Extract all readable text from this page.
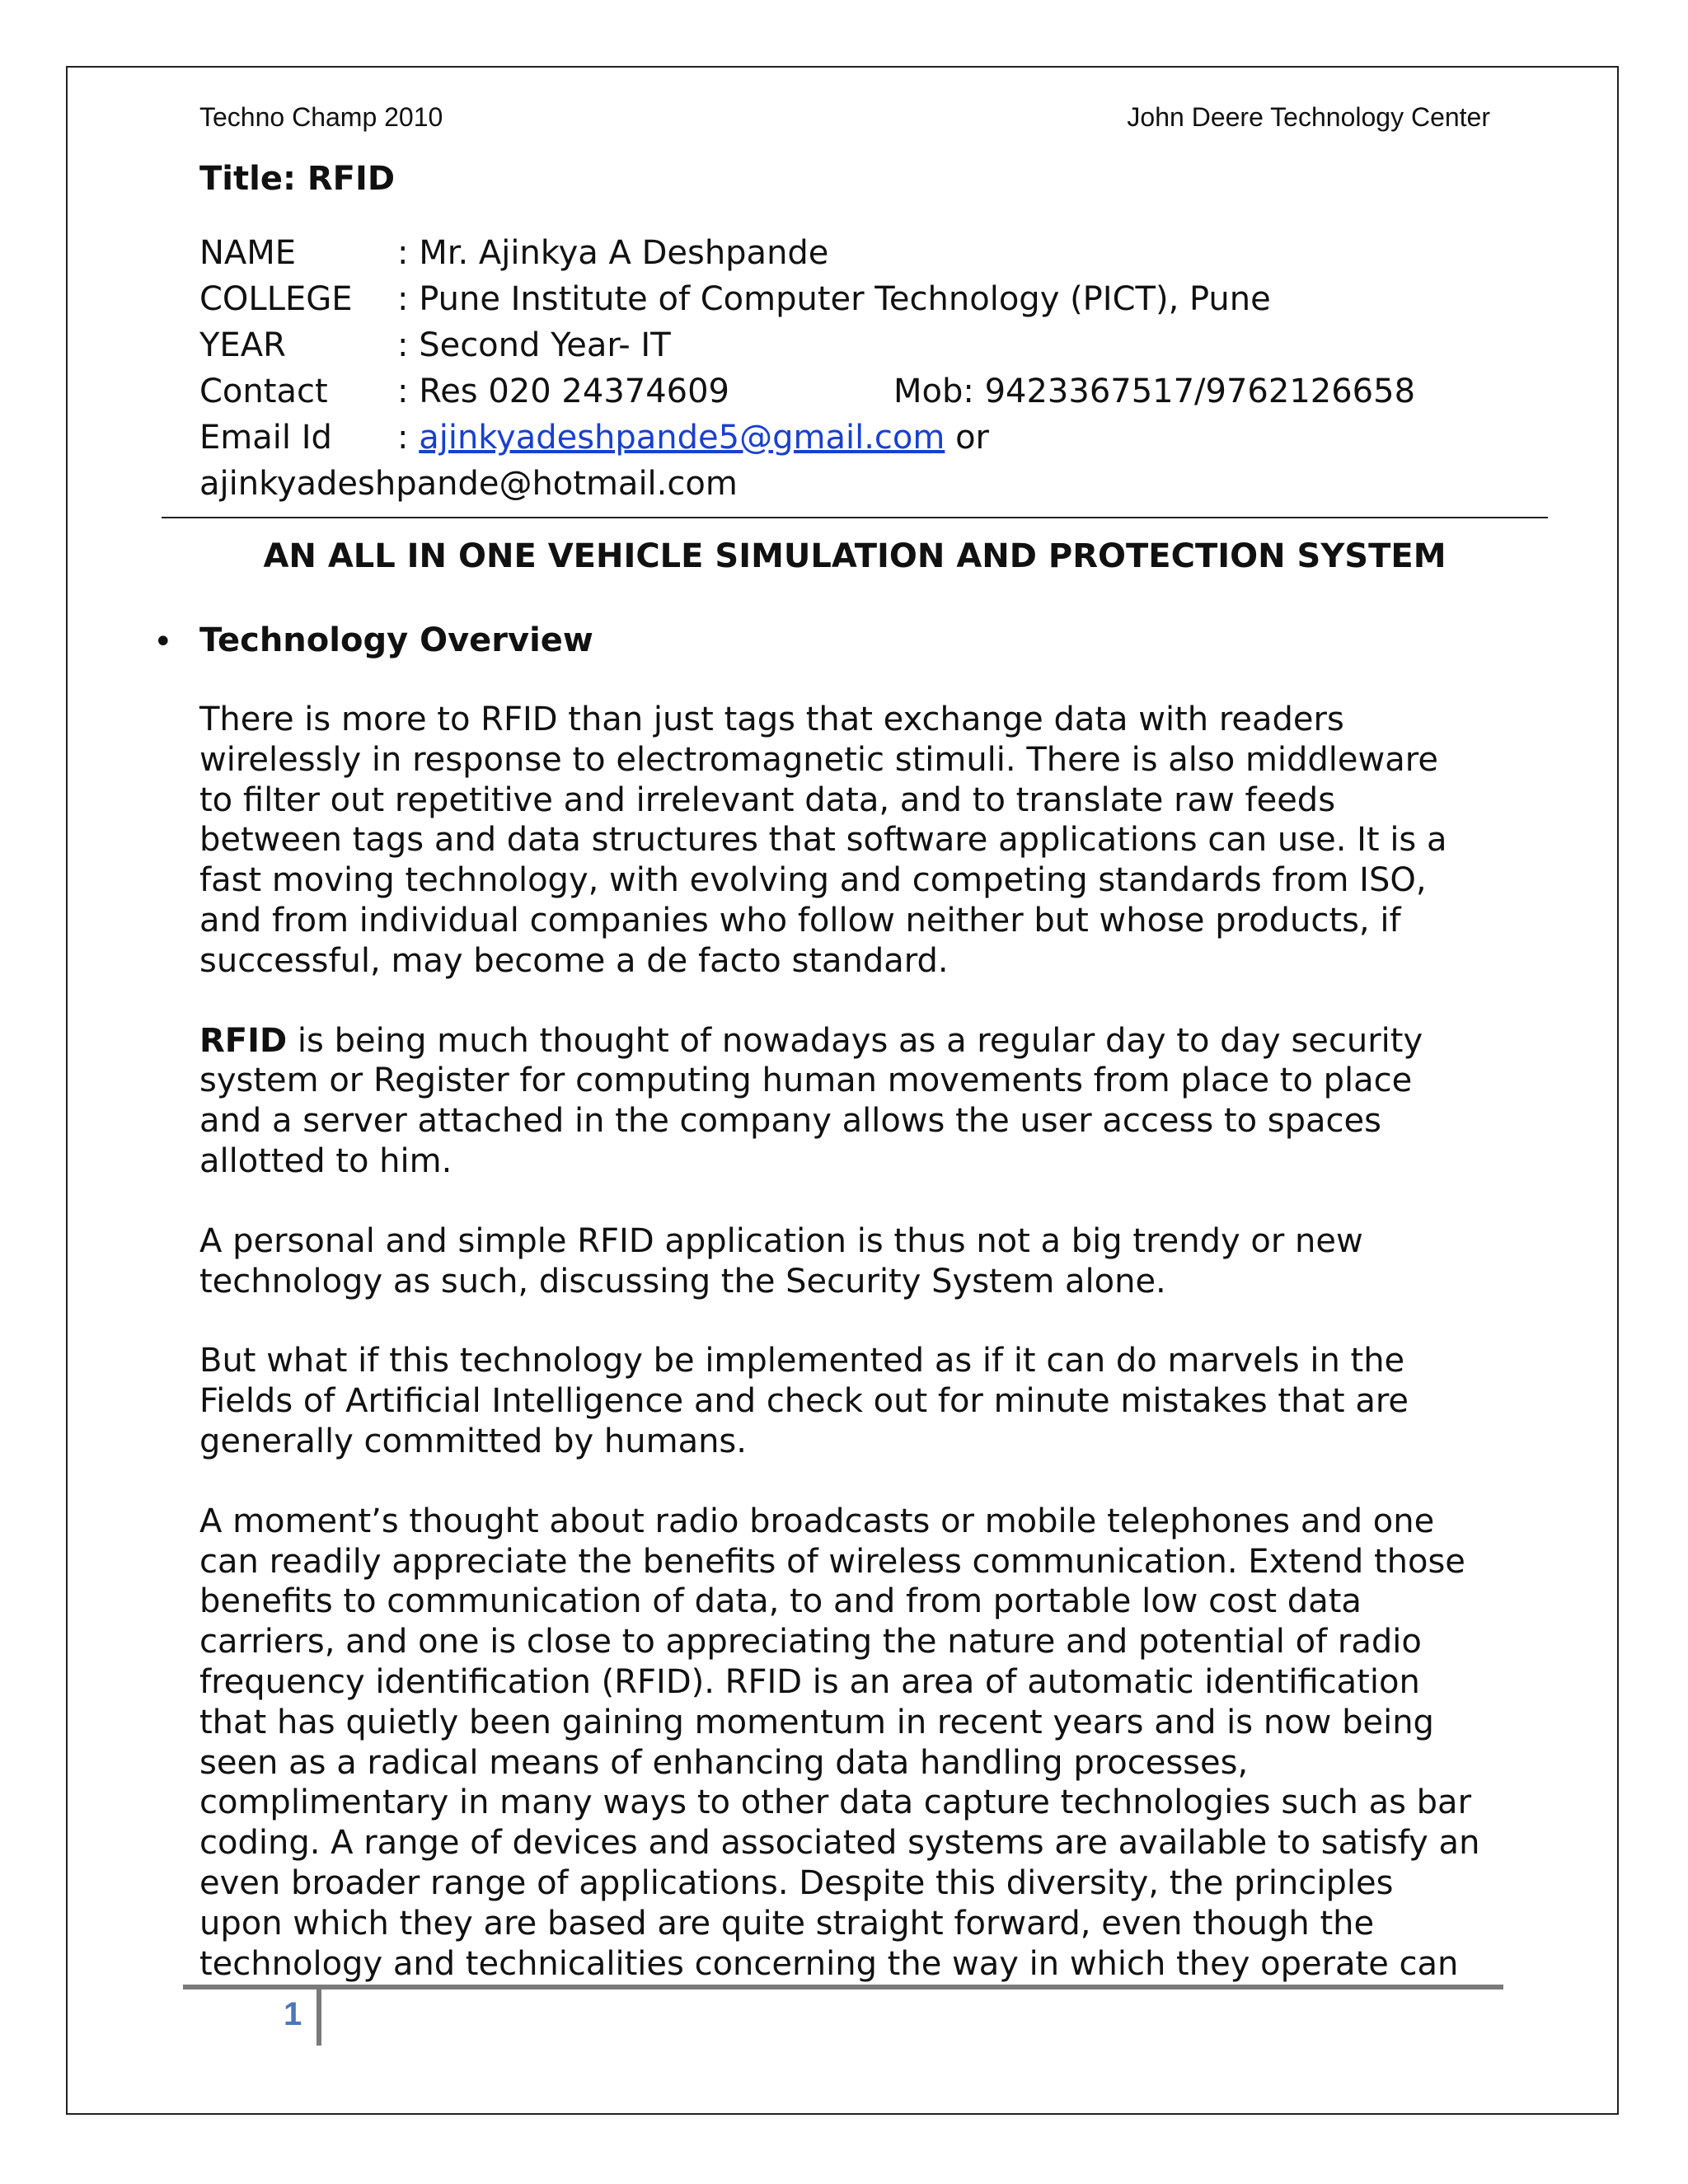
Techno Champ 2010	John Deere Technology Center
Title: RFID
NAME	: Mr. Ajinkya A Deshpande
COLLEGE : Pune Institute of Computer Technology (PICT), Pune
YEAR	: Second Year- IT
Contact : Res 020 24374609	Mob: 9423367517/9762126658
Email Id : ajinkyadeshpande5@gmail.com or
ajinkyadeshpande@hotmail.com
AN ALL IN ONE VEHICLE SIMULATION AND PROTECTION SYSTEM
• Technology Overview

There is more to RFID than just tags that exchange data with readers
wirelessly in response to electromagnetic stimuli. There is also middleware
to filter out repetitive and irrelevant data, and to translate raw feeds
between tags and data structures that software applications can use. It is a
fast moving technology, with evolving and competing standards from ISO,
and from individual companies who follow neither but whose products, if
successful, may become a de facto standard.

RFID is being much thought of nowadays as a regular day to day security
system or Register for computing human movements from place to place
and a server attached in the company allows the user access to spaces
allotted to him.

A personal and simple RFID application is thus not a big trendy or new
technology as such, discussing the Security System alone.

But what if this technology be implemented as if it can do marvels in the
Fields of Artificial Intelligence and check out for minute mistakes that are
generally committed by humans.

A moment’s thought about radio broadcasts or mobile telephones and one
can readily appreciate the benefits of wireless communication. Extend those
benefits to communication of data, to and from portable low cost data
carriers, and one is close to appreciating the nature and potential of radio
frequency identification (RFID). RFID is an area of automatic identification
that has quietly been gaining momentum in recent years and is now being
seen as a radical means of enhancing data handling processes,
complimentary in many ways to other data capture technologies such as bar
coding. A range of devices and associated systems are available to satisfy an
even broader range of applications. Despite this diversity, the principles
upon which they are based are quite straight forward, even though the
technology and technicalities concerning the way in which they operate can

1
